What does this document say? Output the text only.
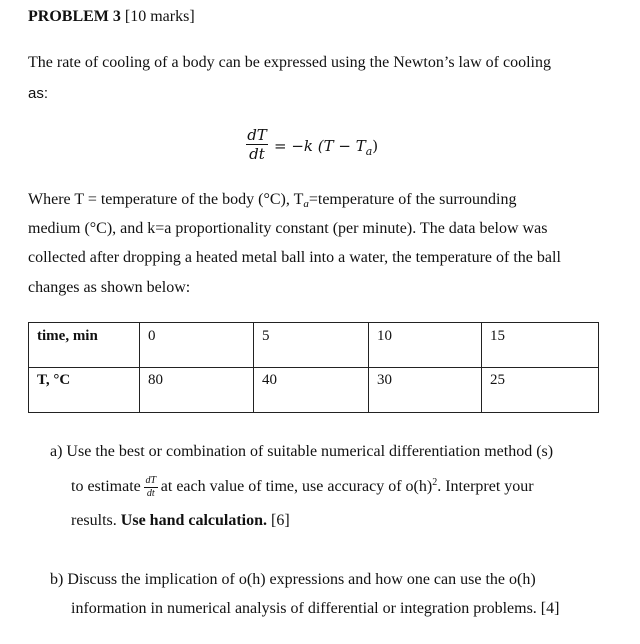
PROBLEM 3 [10 marks]
The rate of cooling of a body can be expressed using the Newton’s law of cooling
as:
dT
dt = −k $(T - T_a)$
Where T = temperature of the body (°C), Ta=temperature of the surrounding
medium (°C), and k=a proportionality constant (per minute). The data below was
collected after dropping a heated metal ball into a water, the temperature of the ball
changes as shown below:
time, min	0	5	10	15
T, °C	80	40	30	25
a) Use the best or combination of suitable numerical differentiation method (s)
to estimate $\frac{dT}{dt}$ at each value of time, use accuracy of $o(h)^2$. Interpret your
results. Use hand calculation. [6]
b) Discuss the implication of o(h) expressions and how one can use the o(h)
information in numerical analysis of differential or integration problems. [4]
